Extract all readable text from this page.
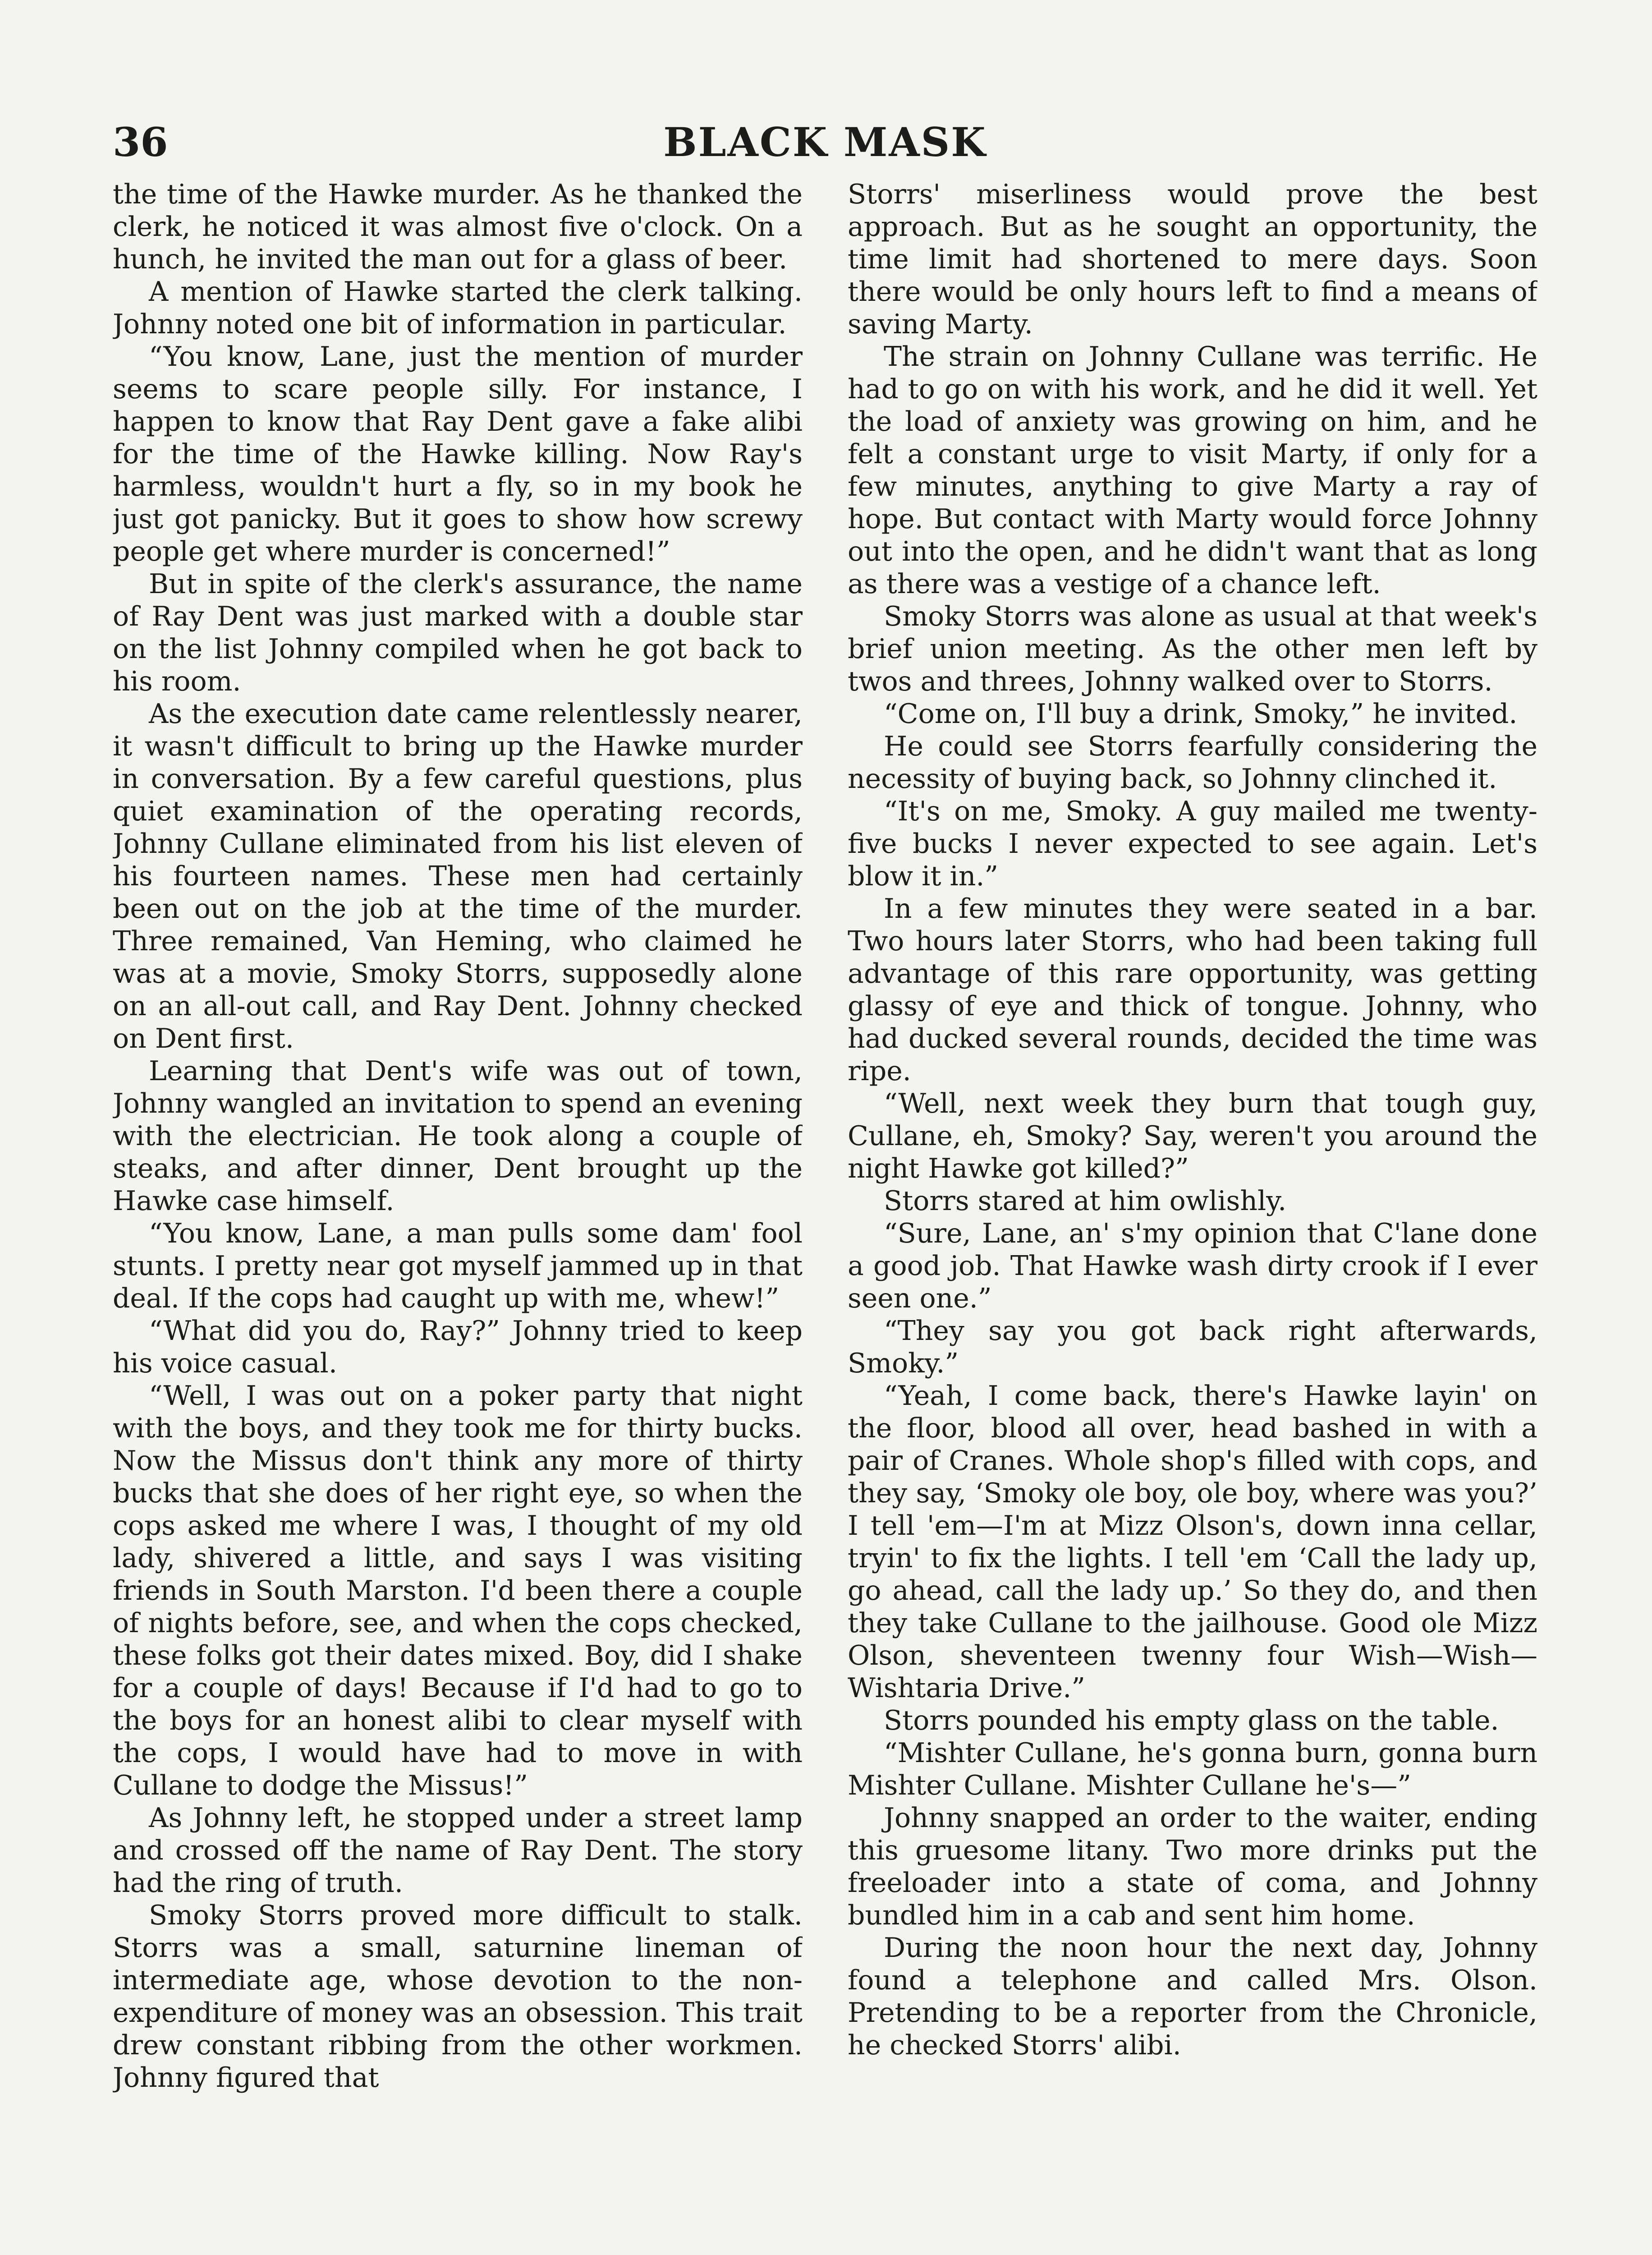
36	BLACK MASK

the time of the Hawke murder. As he thanked the clerk, he noticed it was almost five o'clock. On a hunch, he invited the man out for a glass of beer.

A mention of Hawke started the clerk talking. Johnny noted one bit of information in particular.

“You know, Lane, just the mention of murder seems to scare people silly. For instance, I happen to know that Ray Dent gave a fake alibi for the time of the Hawke killing. Now Ray's harmless, wouldn't hurt a fly, so in my book he just got panicky. But it goes to show how screwy people get where murder is concerned!”

But in spite of the clerk's assurance, the name of Ray Dent was just marked with a double star on the list Johnny compiled when he got back to his room.

As the execution date came relentlessly nearer, it wasn't difficult to bring up the Hawke murder in conversation. By a few careful questions, plus quiet examination of the operating records, Johnny Cullane eliminated from his list eleven of his fourteen names. These men had certainly been out on the job at the time of the murder. Three remained, Van Heming, who claimed he was at a movie, Smoky Storrs, supposedly alone on an all-out call, and Ray Dent. Johnny checked on Dent first.

Learning that Dent's wife was out of town, Johnny wangled an invitation to spend an evening with the electrician. He took along a couple of steaks, and after dinner, Dent brought up the Hawke case himself.

“You know, Lane, a man pulls some dam' fool stunts. I pretty near got myself jammed up in that deal. If the cops had caught up with me, whew!”

“What did you do, Ray?” Johnny tried to keep his voice casual.

“Well, I was out on a poker party that night with the boys, and they took me for thirty bucks. Now the Missus don't think any more of thirty bucks that she does of her right eye, so when the cops asked me where I was, I thought of my old lady, shivered a little, and says I was visiting friends in South Marston. I'd been there a couple of nights before, see, and when the cops checked, these folks got their dates mixed. Boy, did I shake for a couple of days! Because if I'd had to go to the boys for an honest alibi to clear myself with the cops, I would have had to move in with Cullane to dodge the Missus!”

As Johnny left, he stopped under a street lamp and crossed off the name of Ray Dent. The story had the ring of truth.

Smoky Storrs proved more difficult to stalk. Storrs was a small, saturnine lineman of intermediate age, whose devotion to the non-expenditure of money was an obsession. This trait drew constant ribbing from the other workmen. Johnny figured that

Storrs' miserliness would prove the best approach. But as he sought an opportunity, the time limit had shortened to mere days. Soon there would be only hours left to find a means of saving Marty.

The strain on Johnny Cullane was terrific. He had to go on with his work, and he did it well. Yet the load of anxiety was growing on him, and he felt a constant urge to visit Marty, if only for a few minutes, anything to give Marty a ray of hope. But contact with Marty would force Johnny out into the open, and he didn't want that as long as there was a vestige of a chance left.

Smoky Storrs was alone as usual at that week's brief union meeting. As the other men left by twos and threes, Johnny walked over to Storrs.

“Come on, I'll buy a drink, Smoky,” he invited.

He could see Storrs fearfully considering the necessity of buying back, so Johnny clinched it.

“It's on me, Smoky. A guy mailed me twenty-five bucks I never expected to see again. Let's blow it in.”

In a few minutes they were seated in a bar. Two hours later Storrs, who had been taking full advantage of this rare opportunity, was getting glassy of eye and thick of tongue. Johnny, who had ducked several rounds, decided the time was ripe.

“Well, next week they burn that tough guy, Cullane, eh, Smoky? Say, weren't you around the night Hawke got killed?”

Storrs stared at him owlishly.

“Sure, Lane, an' s'my opinion that C'lane done a good job. That Hawke wash dirty crook if I ever seen one.”

“They say you got back right afterwards, Smoky.”

“Yeah, I come back, there's Hawke layin' on the floor, blood all over, head bashed in with a pair of Cranes. Whole shop's filled with cops, and they say, ‘Smoky ole boy, ole boy, where was you?’ I tell 'em—I'm at Mizz Olson's, down inna cellar, tryin' to fix the lights. I tell 'em ‘Call the lady up, go ahead, call the lady up.’ So they do, and then they take Cullane to the jailhouse. Good ole Mizz Olson, sheventeen twenny four Wish—Wish—Wishtaria Drive.”

Storrs pounded his empty glass on the table.

“Mishter Cullane, he's gonna burn, gonna burn Mishter Cullane. Mishter Cullane he's—”

Johnny snapped an order to the waiter, ending this gruesome litany. Two more drinks put the freeloader into a state of coma, and Johnny bundled him in a cab and sent him home.

During the noon hour the next day, Johnny found a telephone and called Mrs. Olson. Pretending to be a reporter from the Chronicle, he checked Storrs' alibi.
